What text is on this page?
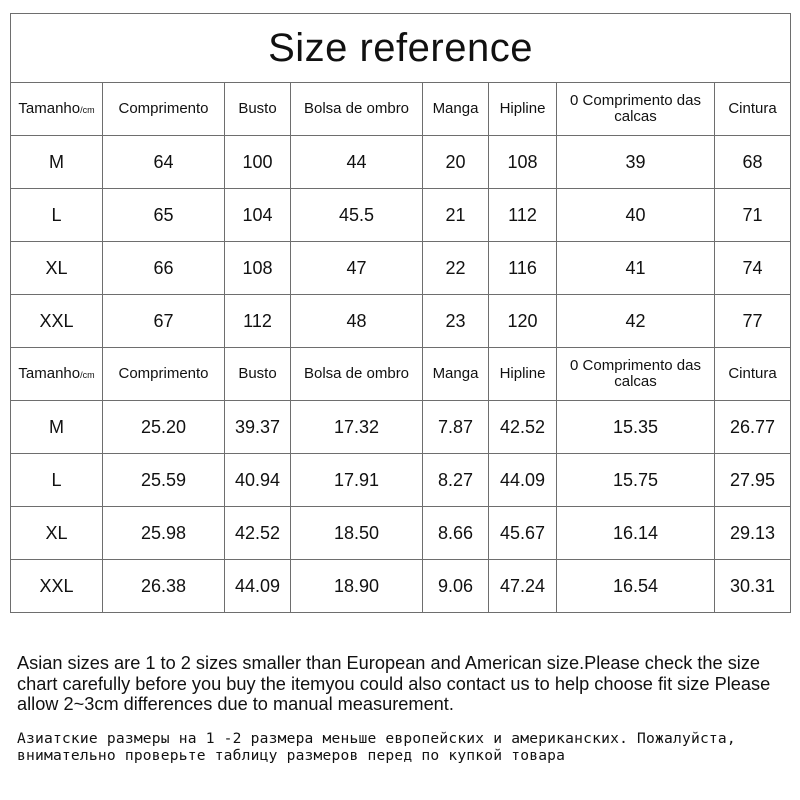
Size reference							
Tamanho/cm	Comprimento	Busto	Bolsa de ombro	Manga	Hipline	0 Comprimento das calcas	Cintura
M	64	100	44	20	108	39	68
L	65	104	45.5	21	112	40	71
XL	66	108	47	22	116	41	74
XXL	67	112	48	23	120	42	77
Tamanho/cm	Comprimento	Busto	Bolsa de ombro	Manga	Hipline	0 Comprimento das calcas	Cintura
M	25.20	39.37	17.32	7.87	42.52	15.35	26.77
L	25.59	40.94	17.91	8.27	44.09	15.75	27.95
XL	25.98	42.52	18.50	8.66	45.67	16.14	29.13
XXL	26.38	44.09	18.90	9.06	47.24	16.54	30.31
Asian sizes are 1 to 2 sizes smaller than European and American size.Please check the size chart carefully before you buy the itemyou could also contact us to help choose fit size Please allow 2~3cm differences due to manual measurement.
Азиатские размеры на 1 -2 размера меньше европейских и американских. Пожалуйста, внимательно проверьте таблицу размеров перед по купкой товара
